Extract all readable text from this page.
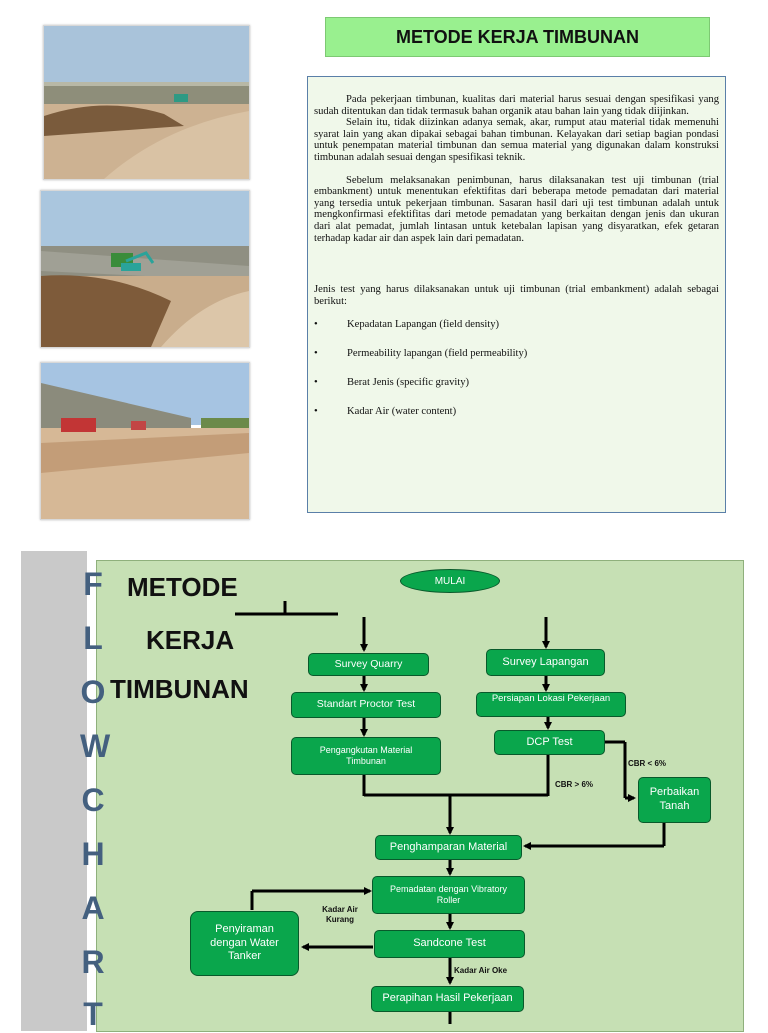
METODE KERJA TIMBUNAN

Pada pekerjaan timbunan, kualitas dari material harus sesuai dengan spesifikasi yang sudah ditentukan dan tidak termasuk bahan organik atau bahan lain yang tidak diijinkan.

Selain itu, tidak diizinkan adanya semak, akar, rumput atau material tidak memenuhi syarat lain yang akan dipakai sebagai bahan timbunan. Kelayakan dari setiap bagian pondasi untuk penempatan material timbunan dan semua material yang digunakan dalam konstruksi timbunan adalah sesuai dengan spesifikasi teknik.

Sebelum melaksanakan penimbunan, harus dilaksanakan test uji timbunan (trial embankment) untuk menentukan efektifitas dari beberapa metode pemadatan dari material yang tersedia untuk pekerjaan timbunan. Sasaran hasil dari uji test timbunan adalah untuk mengkonfirmasi efektifitas dari metode pemadatan yang berkaitan dengan jenis dan ukuran dari alat pemadat, jumlah lintasan untuk ketebalan lapisan yang disyaratkan, efek getaran terhadap kadar air dan aspek lain dari pemadatan.

Jenis test yang harus dilaksanakan untuk uji timbunan (trial embankment) adalah sebagai berikut:

• Kepadatan Lapangan (field density)
• Permeability lapangan (field permeability)
• Berat Jenis (specific gravity)
• Kadar Air (water content)
F
L
O
W
C
H
A
R
T
METODE
KERJA
TIMBUNAN
MULAI
Survey Quarry	Survey Lapangan
Standart Proctor Test	Persiapan Lokasi Pekerjaan
Pengangkutan Material Timbunan
DCP Test
Perbaikan Tanah
Penghamparan Material
Pemadatan dengan Vibratory Roller
Penyiraman dengan Water Tanker
Sandcone Test
Perapihan Hasil Pekerjaan
CBR < 6%
CBR > 6%
Kadar Air Kurang
Kadar Air Oke
